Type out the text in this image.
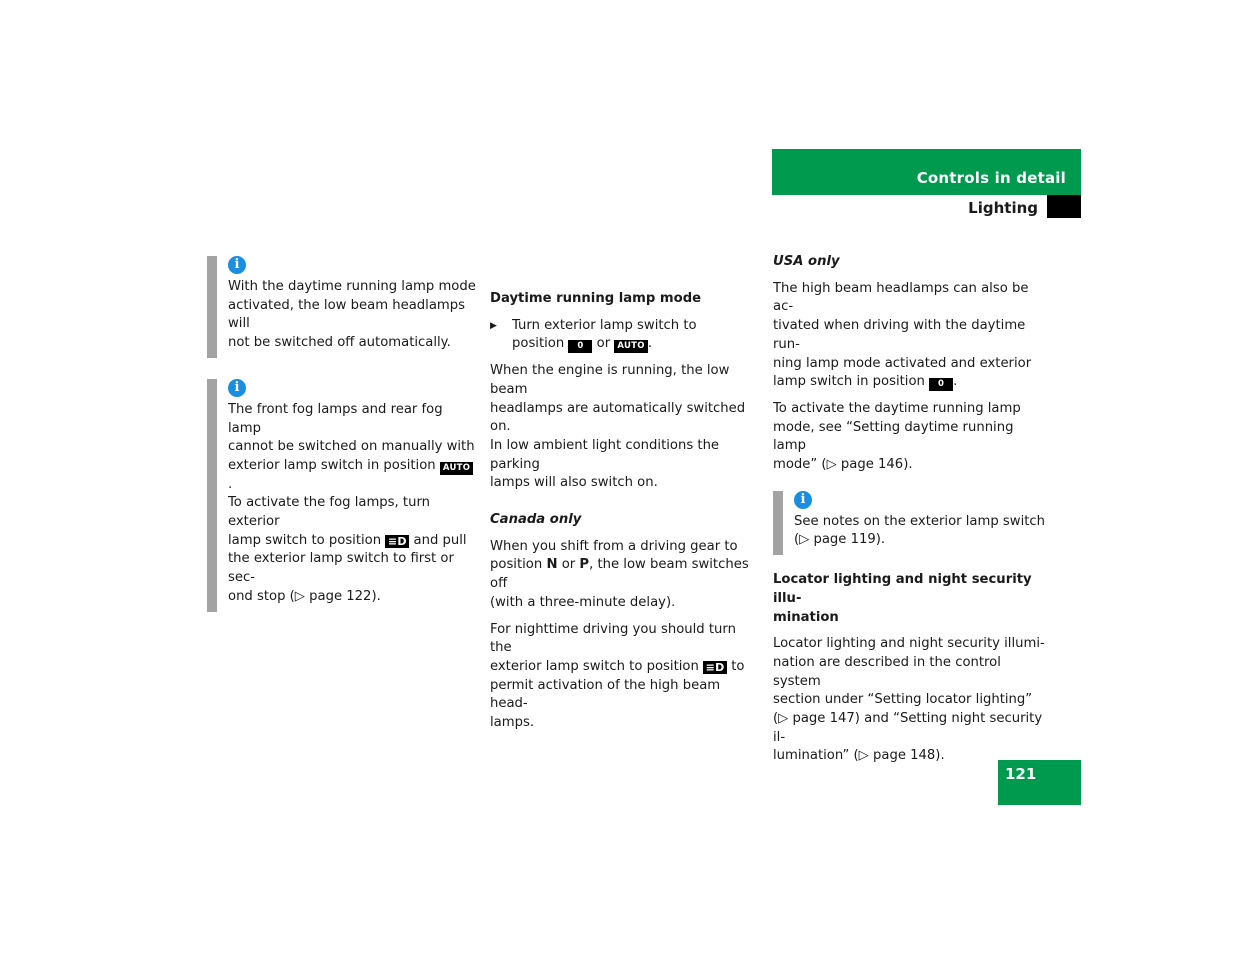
Controls in detail
Lighting
i

With the daytime running lamp mode

activated, the low beam headlamps will

not be switched off automatically.

i

The front fog lamps and rear fog lamp

cannot be switched on manually with

exterior lamp switch in position AUTO.

To activate the fog lamps, turn exterior

lamp switch to position ≡D and pull

the exterior lamp switch to first or sec-

ond stop (▷ page 122).

Daytime running lamp mode

▶ Turn exterior lamp switch to

position 0 or AUTO .

When the engine is running, the low beam

headlamps are automatically switched on.

In low ambient light conditions the parking

lamps will also switch on.

Canada only

When you shift from a driving gear to

position N or P, the low beam switches off

(with a three-minute delay).

For nighttime driving you should turn the

exterior lamp switch to position ≡D to

permit activation of the high beam head-

lamps.

USA only

The high beam headlamps can also be ac-

tivated when driving with the daytime run-

ning lamp mode activated and exterior

lamp switch in position 0 .

To activate the daytime running lamp

mode, see “Setting daytime running lamp

mode” (▷ page 146).

i

See notes on the exterior lamp switch

(▷ page 119).

Locator lighting and night security illu-

mination

Locator lighting and night security illumi-

nation are described in the control system

section under “Setting locator lighting”

(▷ page 147) and “Setting night security il-

lumination” (▷ page 148).

121
